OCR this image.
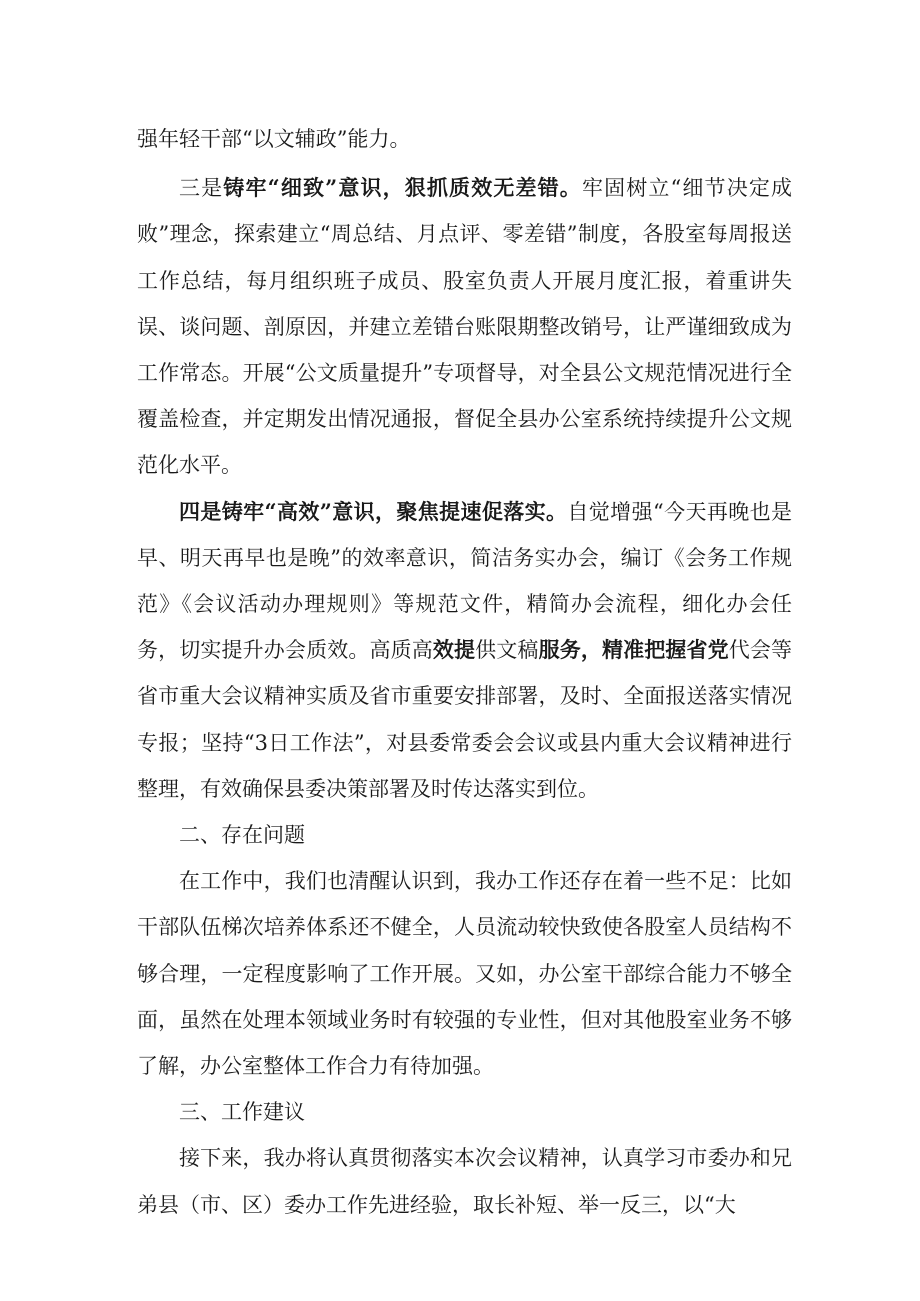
强年轻干部“以文辅政”能力。

三是铸牢“细致”意识，狠抓质效无差错。牢固树立“细节决定成败”理念，探索建立“周总结、月点评、零差错”制度，各股室每周报送工作总结，每月组织班子成员、股室负责人开展月度汇报，着重讲失误、谈问题、剖原因，并建立差错台账限期整改销号，让严谨细致成为工作常态。开展“公文质量提升”专项督导，对全县公文规范情况进行全覆盖检查，并定期发出情况通报，督促全县办公室系统持续提升公文规范化水平。

四是铸牢“高效”意识，聚焦提速促落实。自觉增强“今天再晚也是早、明天再早也是晚”的效率意识，简洁务实办会，编订《会务工作规范》《会议活动办理规则》等规范文件，精简办会流程，细化办会任务，切实提升办会质效。高质高效提供文稿服务，精准把握省党代会等省市重大会议精神实质及省市重要安排部署，及时、全面报送落实情况专报；坚持“3日工作法”，对县委常委会会议或县内重大会议精神进行整理，有效确保县委决策部署及时传达落实到位。

二、存在问题

在工作中，我们也清醒认识到，我办工作还存在着一些不足：比如干部队伍梯次培养体系还不健全，人员流动较快致使各股室人员结构不够合理，一定程度影响了工作开展。又如，办公室干部综合能力不够全面，虽然在处理本领域业务时有较强的专业性，但对其他股室业务不够了解，办公室整体工作合力有待加强。

三、工作建议

接下来，我办将认真贯彻落实本次会议精神，认真学习市委办和兄弟县（市、区）委办工作先进经验，取长补短、举一反三，以“大
